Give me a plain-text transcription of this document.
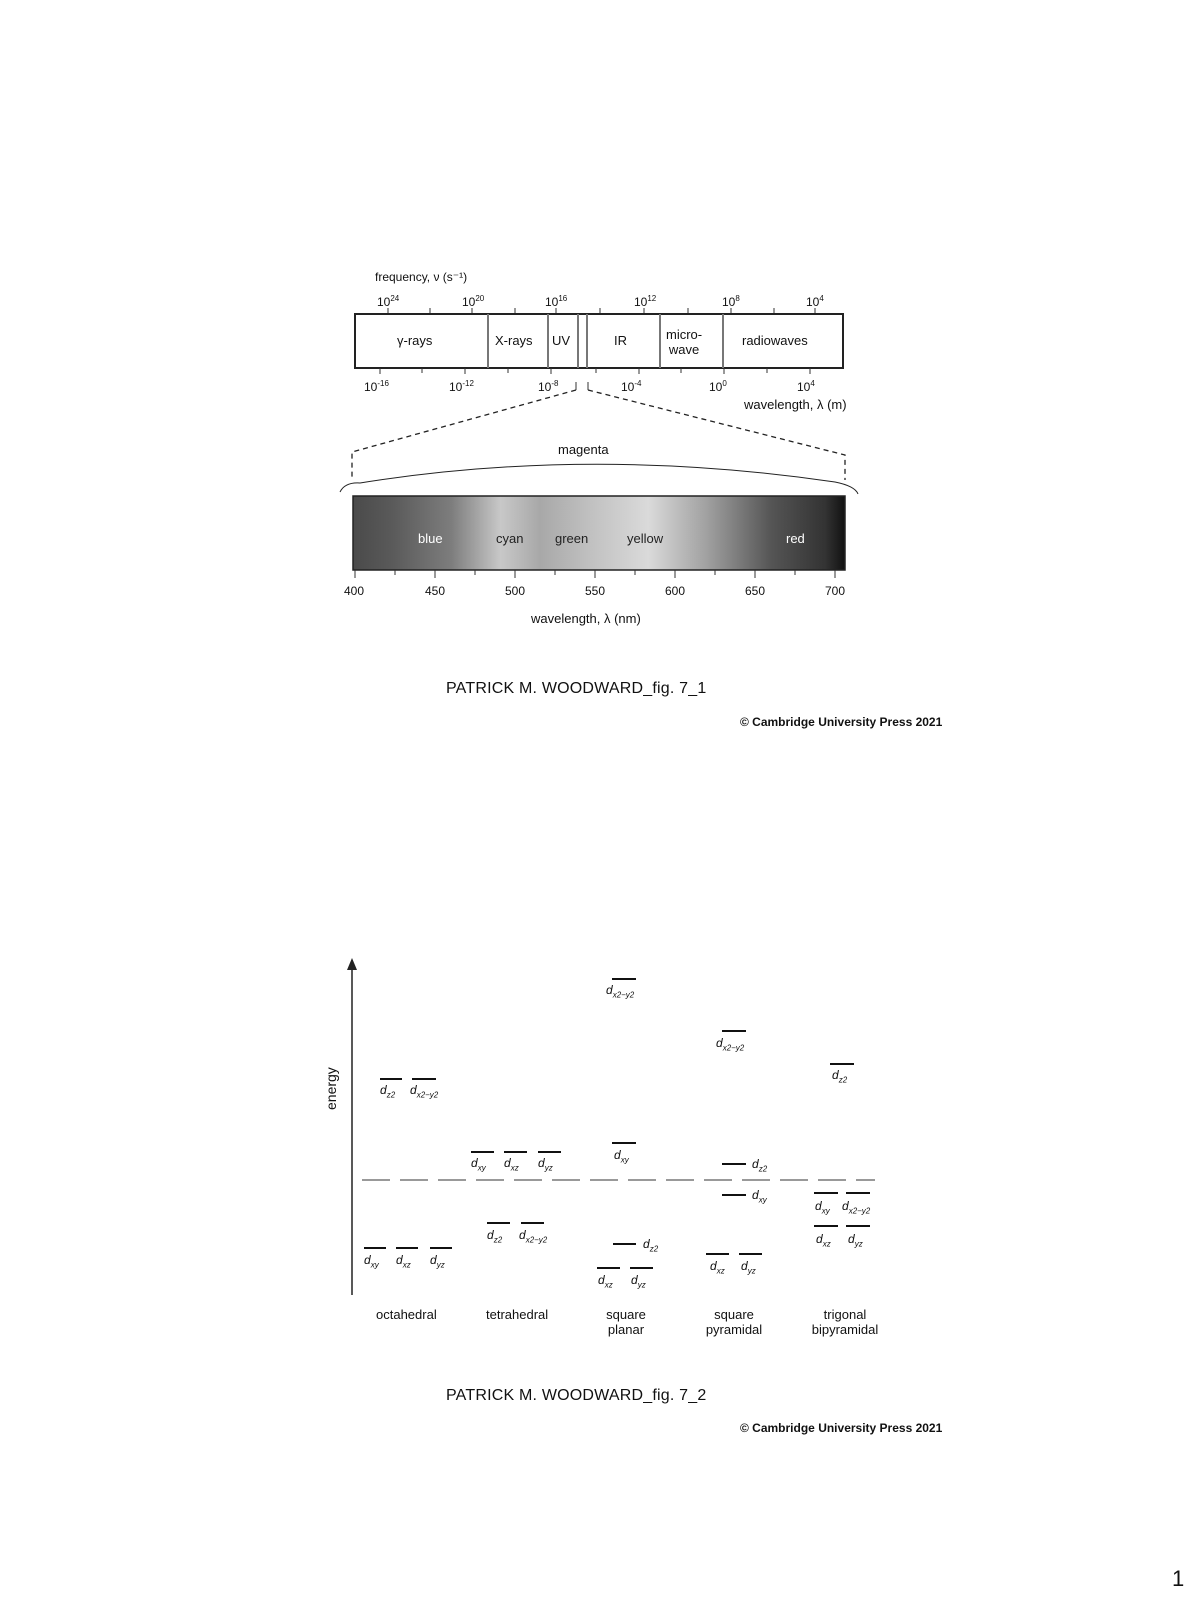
frequency, ν (s⁻¹)
$10^{24}$	$10^{20}$	$10^{16}$	$10^{12}$	$10^8$	$10^4$
γ-rays	X-rays UV	IR	micro-
wave
radiowaves
$10^{-16}$	$10^{-12}$	$10^{-8}$	$10^{-4}$	$10^0$	$10^4$
wavelength, λ (m)
magenta
blue	cyan green	yellow	red
400	450	500	550	600	650	700
wavelength, λ (nm)
PATRICK M. WOODWARD_fig. 7_1
© Cambridge University Press 2021
energy	$d_{z2}$ $d_{x2-y2}$
$d_{xy}$ $d_{xz}$ $d_{yz}$
$d_{xy}$ $d_{xz}$ $d_{yz}$
$d_{z2}$ $d_{x2-y2}$
$d_{x2-y2}$
$d_{xy}$
$d_{z2}$
$d_{xz}$ $d_{yz}$
$d_{x2-y2}$
$d_{z2}$
$d_{xy}$
$d_{xz}$ $d_{yz}$
$d_{z2}$
$d_{xy}$ $d_{x2-y2}$
$d_{xz}$ $d_{yz}$
octahedral	tetrahedral	square
planar
square
pyramidal
trigonal
bipyramidal
PATRICK M. WOODWARD_fig. 7_2
© Cambridge University Press 2021
1
